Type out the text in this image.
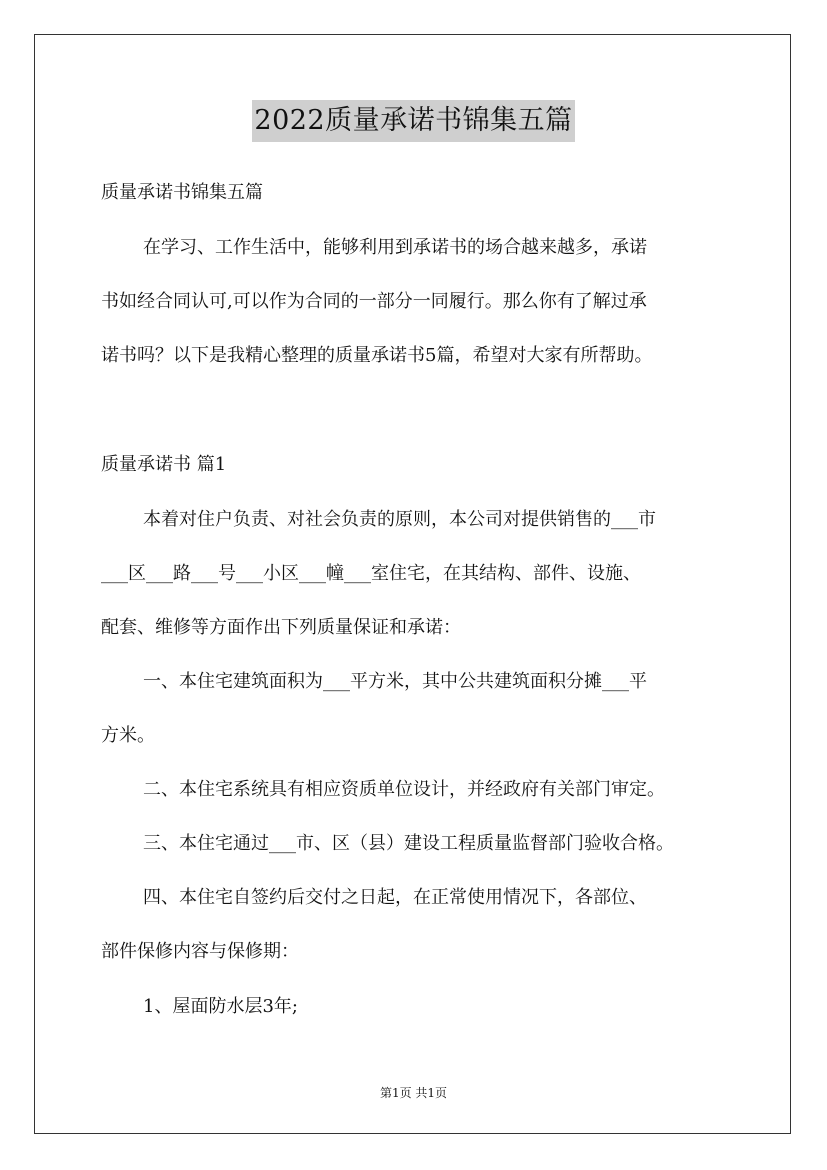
2022质量承诺书锦集五篇
质量承诺书锦集五篇
在学习、工作生活中，能够利用到承诺书的场合越来越多，承诺
书如经合同认可,可以作为合同的一部分一同履行。那么你有了解过承
诺书吗？以下是我精心整理的质量承诺书5篇，希望对大家有所帮助。
质量承诺书 篇1
本着对住户负责、对社会负责的原则，本公司对提供销售的___市
___区___路___号___小区___幢___室住宅，在其结构、部件、设施、
配套、维修等方面作出下列质量保证和承诺：
一、本住宅建筑面积为___平方米，其中公共建筑面积分摊___平
方米。
二、本住宅系统具有相应资质单位设计，并经政府有关部门审定。
三、本住宅通过___市、区（县）建设工程质量监督部门验收合格。
四、本住宅自签约后交付之日起，在正常使用情况下，各部位、
部件保修内容与保修期：
1、屋面防水层3年;
第1页 共1页
